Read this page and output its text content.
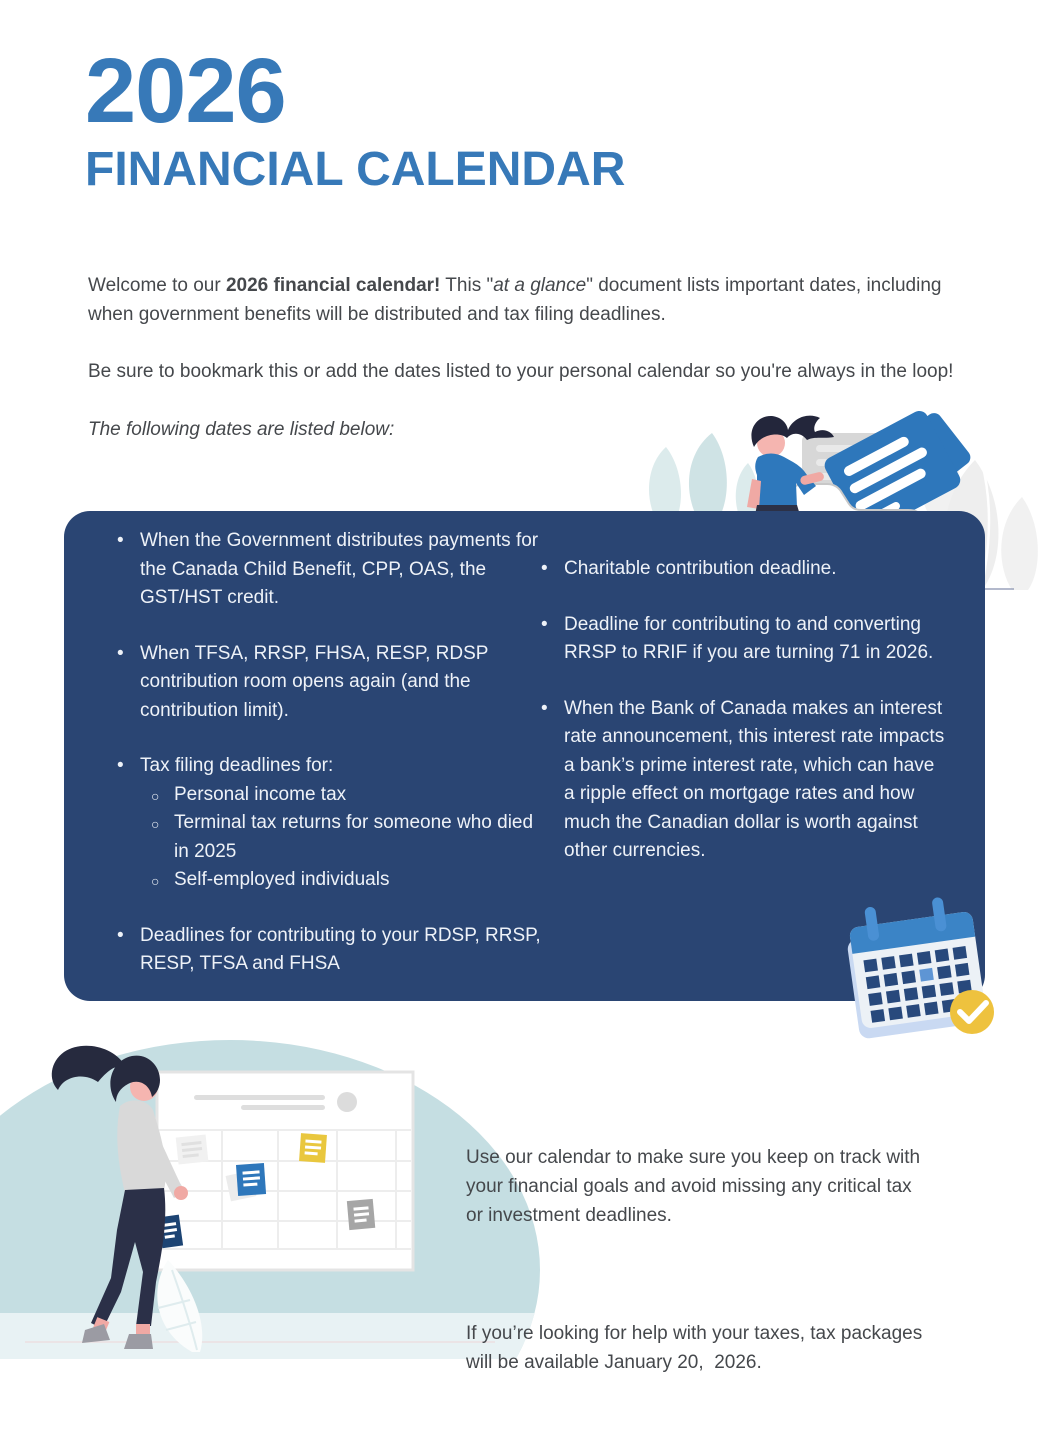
2026
FINANCIAL CALENDAR

Welcome to our 2026 financial calendar! This "at a glance" document lists important dates, including when government benefits will be distributed and tax filing deadlines.

Be sure to bookmark this or add the dates listed to your personal calendar so you're always in the loop!

The following dates are listed below:

• When the Government distributes payments for the Canada Child Benefit, CPP, OAS, the GST/HST credit.
• When TFSA, RRSP, FHSA, RESP, RDSP contribution room opens again (and the contribution limit).
• Tax filing deadlines for:
○ Personal income tax
○ Terminal tax returns for someone who died in 2025
○ Self-employed individuals
• Deadlines for contributing to your RDSP, RRSP, RESP, TFSA and FHSA
• Charitable contribution deadline.
• Deadline for contributing to and converting RRSP to RRIF if you are turning 71 in 2026.
• When the Bank of Canada makes an interest rate announcement, this interest rate impacts a bank’s prime interest rate, which can have a ripple effect on mortgage rates and how much the Canadian dollar is worth against other currencies.

Use our calendar to make sure you keep on track with your financial goals and avoid missing any critical tax or investment deadlines.

If you’re looking for help with your taxes, tax packages will be available January 20,  2026.
